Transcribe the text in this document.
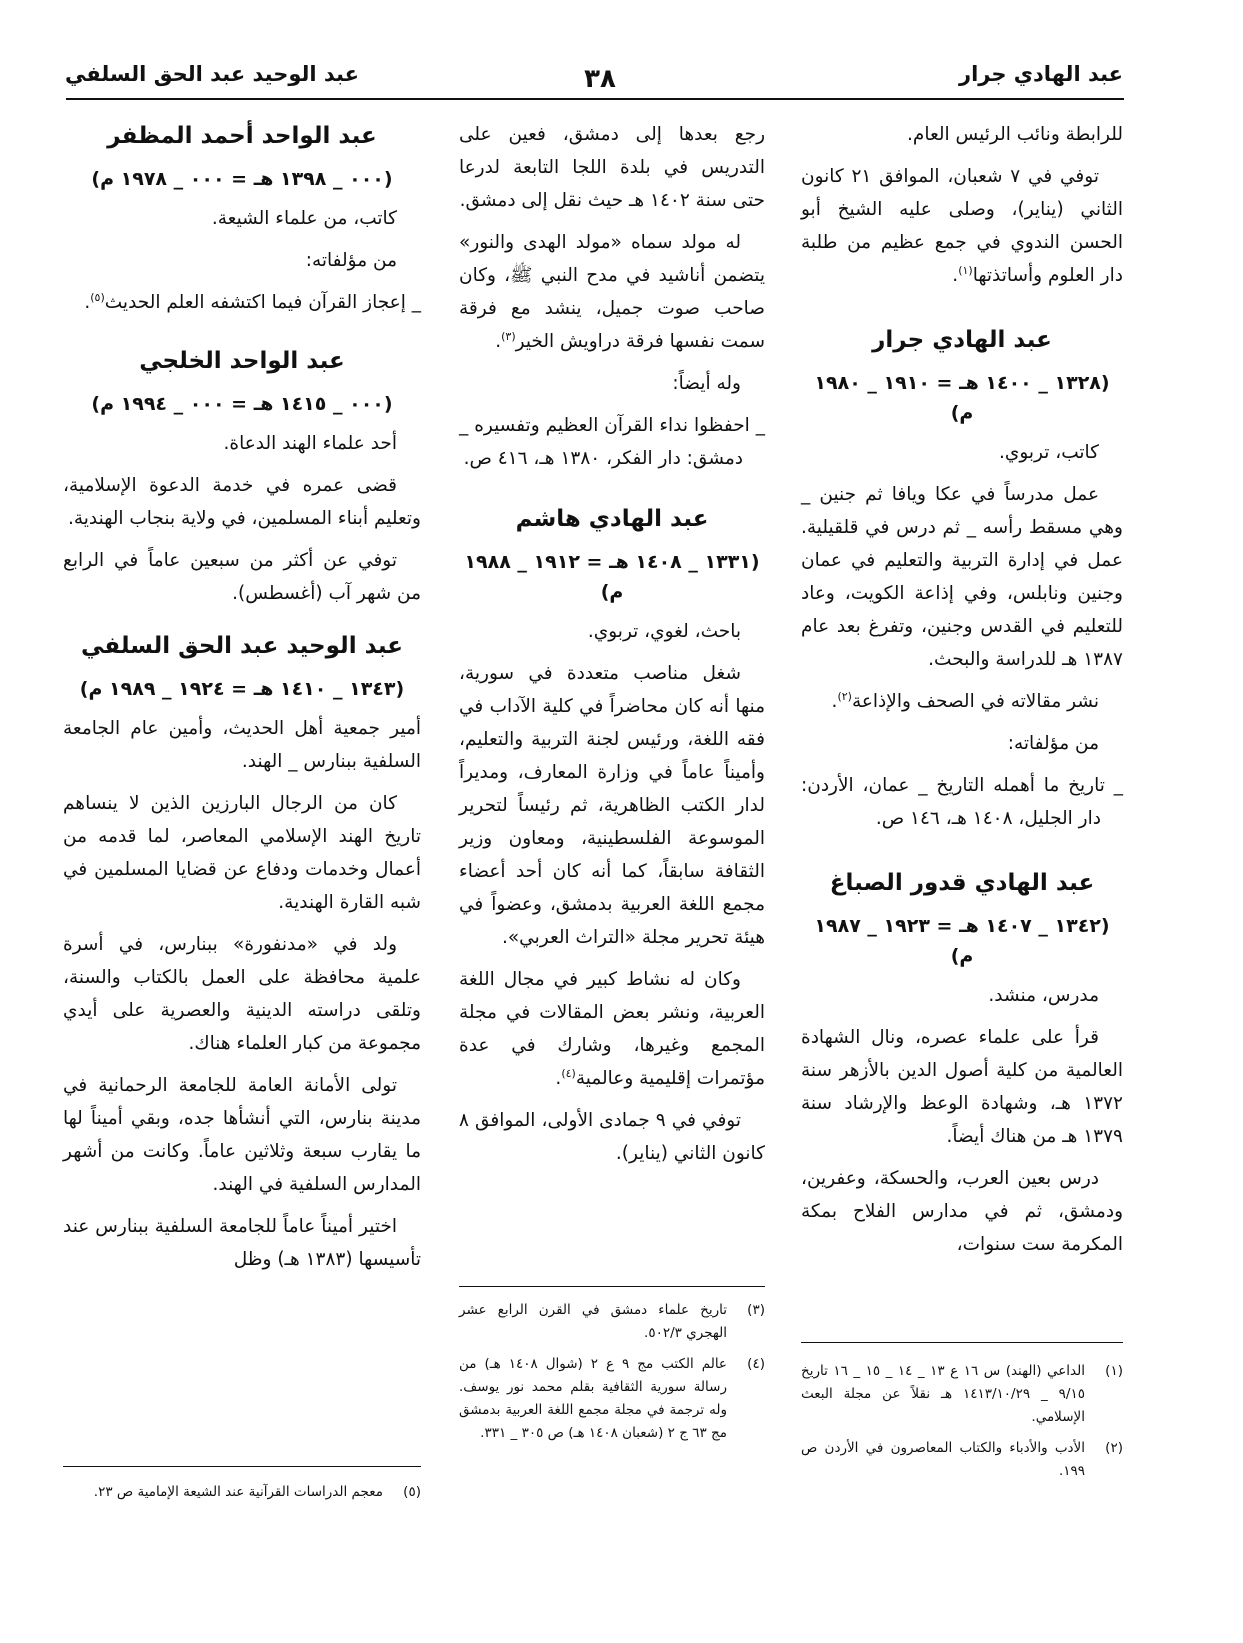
عبد الهادي جرار
٣٨
عبد الوحيد عبد الحق السلفي

للرابطة ونائب الرئيس العام.

توفي في ٧ شعبان، الموافق ٢١ كانون الثاني (يناير)، وصلى عليه الشيخ أبو الحسن الندوي في جمع عظيم من طلبة دار العلوم وأساتذتها$^{(١)}$.

عبد الهادي جرار
(١٣٢٨ _ ١٤٠٠ هـ = ١٩١٠ _ ١٩٨٠ م)

كاتب، تربوي.

عمل مدرساً في عكا ويافا ثم جنين _ وهي مسقط رأسه _ ثم درس في قلقيلية. عمل في إدارة التربية والتعليم في عمان وجنين ونابلس، وفي إذاعة الكويت، وعاد للتعليم في القدس وجنين، وتفرغ بعد عام ١٣٨٧ هـ للدراسة والبحث.

نشر مقالاته في الصحف والإذاعة$^{(٢)}$.

من مؤلفاته:

_ تاريخ ما أهمله التاريخ _ عمان، الأردن: دار الجليل، ١٤٠٨ هـ، ١٤٦ ص.

عبد الهادي قدور الصباغ
(١٣٤٢ _ ١٤٠٧ هـ = ١٩٢٣ _ ١٩٨٧ م)

مدرس، منشد.

قرأ على علماء عصره، ونال الشهادة العالمية من كلية أصول الدين بالأزهر سنة ١٣٧٢ هـ، وشهادة الوعظ والإرشاد سنة ١٣٧٩ هـ من هناك أيضاً.

درس بعين العرب، والحسكة، وعفرين، ودمشق، ثم في مدارس الفلاح بمكة المكرمة ست سنوات،

رجع بعدها إلى دمشق، فعين على التدريس في بلدة اللجا التابعة لدرعا حتى سنة ١٤٠٢ هـ حيث نقل إلى دمشق.

له مولد سماه «مولد الهدى والنور» يتضمن أناشيد في مدح النبي ﷺ، وكان صاحب صوت جميل، ينشد مع فرقة سمت نفسها فرقة دراويش الخير$^{(٣)}$.

وله أيضاً:

_ احفظوا نداء القرآن العظيم وتفسيره _ دمشق: دار الفكر، ١٣٨٠ هـ، ٤١٦ ص.

عبد الهادي هاشم
(١٣٣١ _ ١٤٠٨ هـ = ١٩١٢ _ ١٩٨٨ م)

باحث، لغوي، تربوي.

شغل مناصب متعددة في سورية، منها أنه كان محاضراً في كلية الآداب في فقه اللغة، ورئيس لجنة التربية والتعليم، وأميناً عاماً في وزارة المعارف، ومديراً لدار الكتب الظاهرية، ثم رئيساً لتحرير الموسوعة الفلسطينية، ومعاون وزير الثقافة سابقاً، كما أنه كان أحد أعضاء مجمع اللغة العربية بدمشق، وعضواً في هيئة تحرير مجلة «التراث العربي».

وكان له نشاط كبير في مجال اللغة العربية، ونشر بعض المقالات في مجلة المجمع وغيرها، وشارك في عدة مؤتمرات إقليمية وعالمية$^{(٤)}$.

توفي في ٩ جمادى الأولى، الموافق ٨ كانون الثاني (يناير).

عبد الواحد أحمد المظفر
(٠٠٠ _ ١٣٩٨ هـ = ٠٠٠ _ ١٩٧٨ م)

كاتب، من علماء الشيعة.

من مؤلفاته:

_ إعجاز القرآن فيما اكتشفه العلم الحديث$^{(٥)}$.

عبد الواحد الخلجي
(٠٠٠ _ ١٤١٥ هـ = ٠٠٠ _ ١٩٩٤ م)

أحد علماء الهند الدعاة.

قضى عمره في خدمة الدعوة الإسلامية، وتعليم أبناء المسلمين، في ولاية بنجاب الهندية.

توفي عن أكثر من سبعين عاماً في الرابع من شهر آب (أغسطس).

عبد الوحيد عبد الحق السلفي
(١٣٤٣ _ ١٤١٠ هـ = ١٩٢٤ _ ١٩٨٩ م)

أمير جمعية أهل الحديث، وأمين عام الجامعة السلفية ببنارس _ الهند.

كان من الرجال البارزين الذين لا ينساهم تاريخ الهند الإسلامي المعاصر، لما قدمه من أعمال وخدمات ودفاع عن قضايا المسلمين في شبه القارة الهندية.

ولد في «مدنفورة» ببنارس، في أسرة علمية محافظة على العمل بالكتاب والسنة، وتلقى دراسته الدينية والعصرية على أيدي مجموعة من كبار العلماء هناك.

تولى الأمانة العامة للجامعة الرحمانية في مدينة بنارس، التي أنشأها جده، وبقي أميناً لها ما يقارب سبعة وثلاثين عاماً. وكانت من أشهر المدارس السلفية في الهند.

اختير أميناً عاماً للجامعة السلفية ببنارس عند تأسيسها (١٣٨٣ هـ) وظل

(١)
الداعي (الهند) س ١٦ ع ١٣ _ ١٤ _ ١٥ _ ١٦ تاريخ ٩/١٥ _ ١٤١٣/١٠/٢٩ هـ نقلاً عن مجلة البعث الإسلامي.
(٢)
الأدب والأدباء والكتاب المعاصرون في الأردن ص ١٩٩.
(٣)
تاريخ علماء دمشق في القرن الرابع عشر الهجري ٥٠٢/٣.
(٤)
عالم الكتب مج ٩ ع ٢ (شوال ١٤٠٨ هـ) من رسالة سورية الثقافية بقلم محمد نور يوسف. وله ترجمة في مجلة مجمع اللغة العربية بدمشق مج ٦٣ ج ٢ (شعبان ١٤٠٨ هـ) ص ٣٠٥ _ ٣٣١.
(٥)
معجم الدراسات القرآنية عند الشيعة الإمامية ص ٢٣.
